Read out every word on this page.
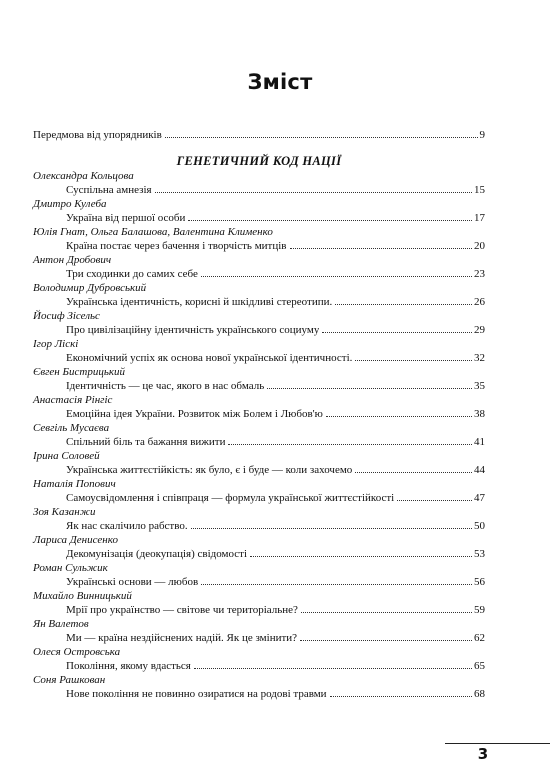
Зміст
Передмова від упорядників	9
ГЕНЕТИЧНИЙ КОД НАЦІЇ
Олександра Кольцова
Суспільна амнезія	15
Дмитро Кулеба
Україна від першої особи	17
Юлія Гнат, Ольга Балашова, Валентина Клименко
Країна постає через бачення і творчість митців	20
Антон Дробович
Три сходинки до самих себе	23
Володимир Дубровський
Українська ідентичність, корисні й шкідливі стереотипи.	26
Йосиф Зісельс
Про цивілізаційну ідентичність українського социуму	29
Ігор Ліскі
Економічний успіх як основа нової української ідентичності.	32
Євген Бистрицький
Ідентичність — це час, якого в нас обмаль	35
Анастасія Рінгіс
Емоційна ідея України. Розвиток між Болем і Любов'ю	38
Севгіль Мусаєва
Спільний біль та бажання вижити	41
Ірина Соловей
Українська життєстійкість: як було, є і буде — коли захочемо	44
Наталія Попович
Самоусвідомлення і співпраця — формула української життєстійкості	47
Зоя Казанжи
Як нас скалічило рабство.	50
Лариса Денисенко
Декомунізація (деокупація) свідомості	53
Роман Сульжик
Українські основи — любов	56
Михайло Винницький
Мрії про українство — світове чи територіальне?	59
Ян Валетов
Ми — країна нездійснених надій. Як це змінити?	62
Олеся Островська
Покоління, якому вдасться	65
Соня Рашкован
Нове покоління не повинно озиратися на родові травми	68
3
